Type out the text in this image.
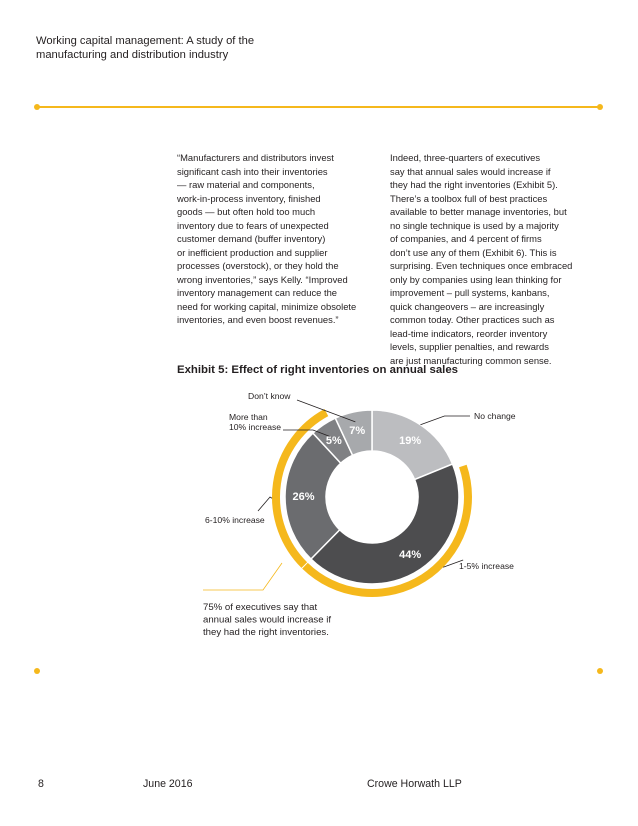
Working capital management: A study of the
manufacturing and distribution industry
“Manufacturers and distributors invest
significant cash into their inventories
— raw material and components,
work-in-process inventory, finished
goods — but often hold too much
inventory due to fears of unexpected
customer demand (buffer inventory)
or inefficient production and supplier
processes (overstock), or they hold the
wrong inventories,” says Kelly. “Improved
inventory management can reduce the
need for working capital, minimize obsolete
inventories, and even boost revenues.”
Indeed, three-quarters of executives
say that annual sales would increase if
they had the right inventories (Exhibit 5).
There’s a toolbox full of best practices
available to better manage inventories, but
no single technique is used by a majority
of companies, and 4 percent of firms
don’t use any of them (Exhibit 6). This is
surprising. Even techniques once embraced
only by companies using lean thinking for
improvement – pull systems, kanbans,
quick changeovers – are increasingly
common today. Other practices such as
lead-time indicators, reorder inventory
levels, supplier penalties, and rewards
are just manufacturing common sense.
Exhibit 5: Effect of right inventories on annual sales
19%
44%
26%
5%
7%
No change
1-5% increase
6-10% increase
More than
10% increase
Don’t know
75% of executives say that
annual sales would increase if
they had the right inventories.
8	June 2016	Crowe Horwath LLP
